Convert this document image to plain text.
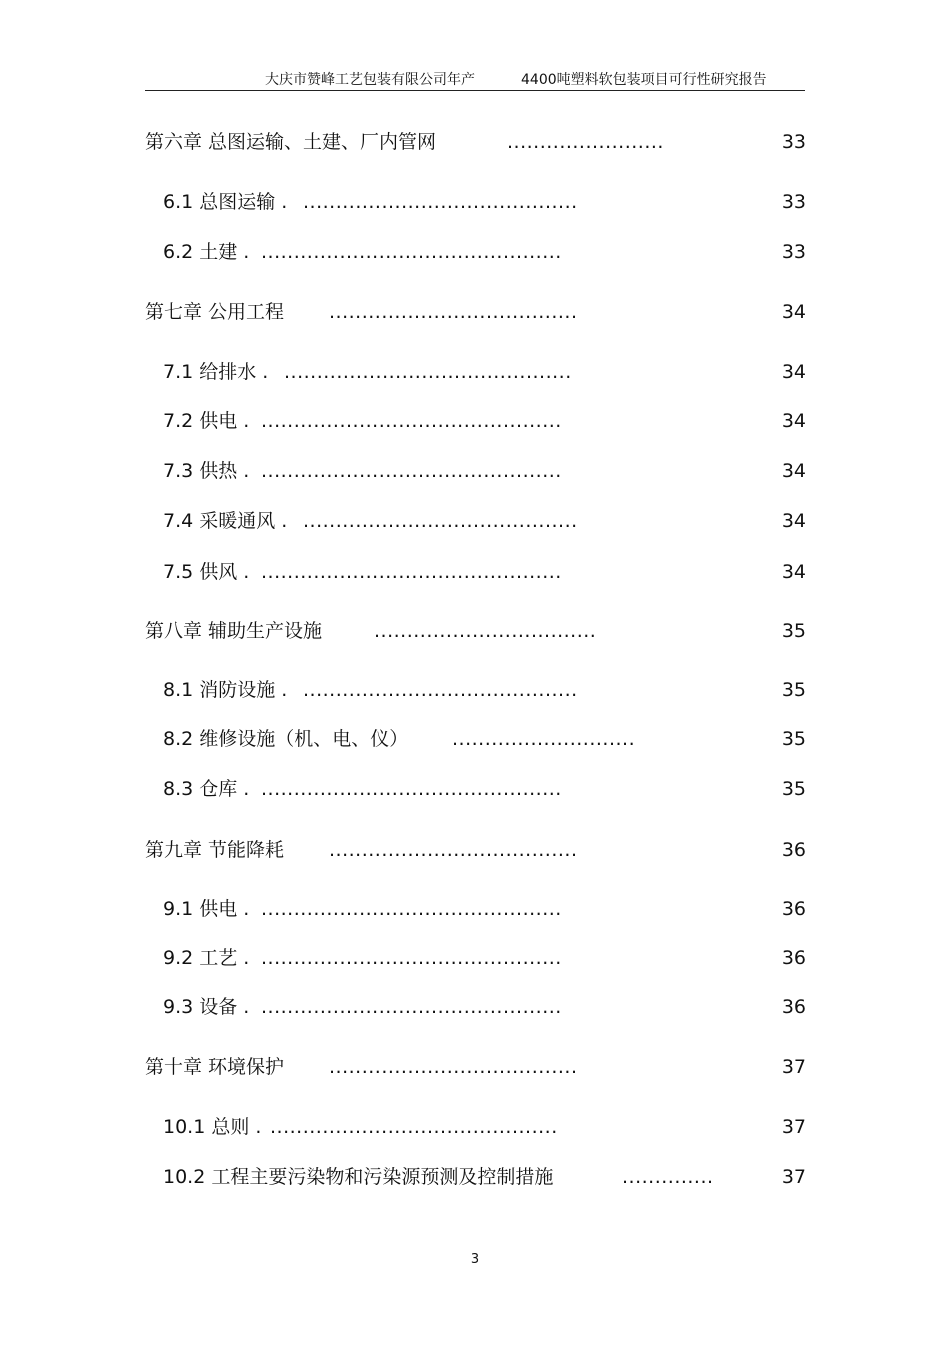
大庆市赞峰工艺包装有限公司年产	4400吨塑料软包装项目可行性研究报告
第六章 总图运输、土建、厂内管网	........................	33
6.1 总图运输 . ..........................................	33
6.2 土建 . ..............................................	33
第七章 公用工程 ......................................	34
7.1 给排水 . ............................................	34
7.2 供电 . ..............................................	34
7.3 供热 . ..............................................	34
7.4 采暖通风 . ..........................................	34
7.5 供风 . ..............................................	34
第八章 辅助生产设施	..................................	35
8.1 消防设施 . ..........................................	35
8.2 维修设施（机、电、仪） ............................	35
8.3 仓库 . ..............................................	35
第九章 节能降耗 ......................................	36
9.1 供电 . ..............................................	36
9.2 工艺 . ..............................................	36
9.3 设备 . ..............................................	36
第十章 环境保护 ......................................	37
10.1 总则 . ............................................	37
10.2 工程主要污染物和污染源预测及控制措施	..............	37
3
